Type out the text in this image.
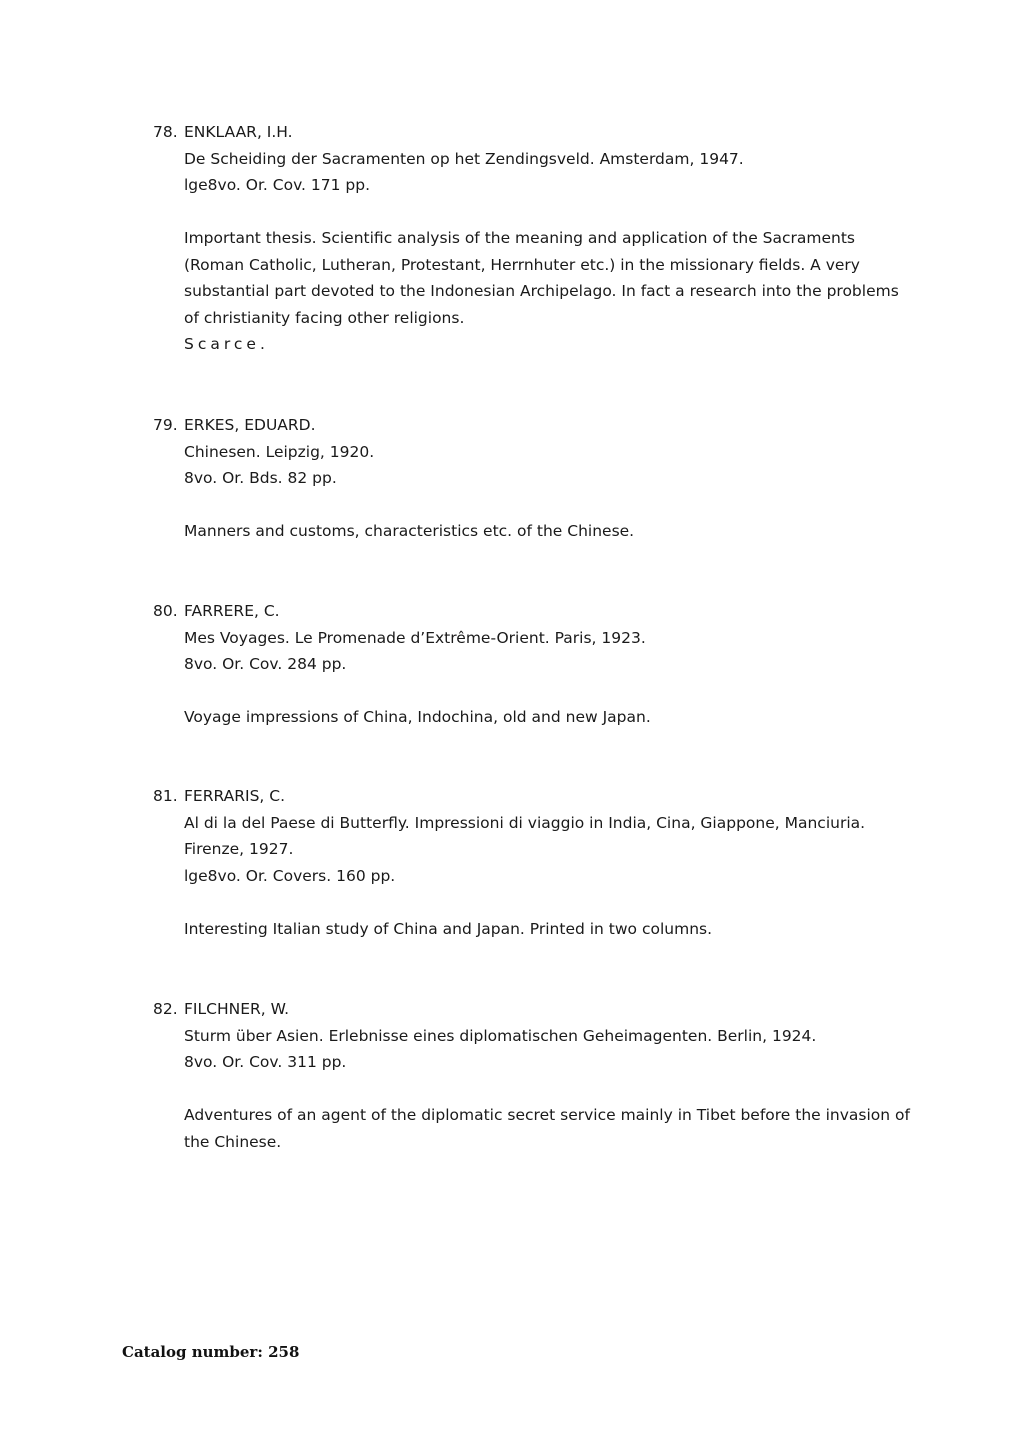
78. ENKLAAR, I.H.
De Scheiding der Sacramenten op het Zendingsveld. Amsterdam, 1947.
lge8vo. Or. Cov. 171 pp.
Important thesis. Scientific analysis of the meaning and application of the Sacraments (Roman Catholic, Lutheran, Protestant, Herrnhuter etc.) in the missionary fields. A very substantial part devoted to the Indonesian Archipelago. In fact a research into the problems of christianity facing other religions.
Scarce.
79. ERKES, EDUARD.
Chinesen. Leipzig, 1920.
8vo. Or. Bds. 82 pp.
Manners and customs, characteristics etc. of the Chinese.
80. FARRERE, C.
Mes Voyages. Le Promenade d’Extrême-Orient. Paris, 1923.
8vo. Or. Cov. 284 pp.
Voyage impressions of China, Indochina, old and new Japan.
81. FERRARIS, C.
Al di la del Paese di Butterfly. Impressioni di viaggio in India, Cina, Giappone, Manciuria.
Firenze, 1927.
lge8vo. Or. Covers. 160 pp.
Interesting Italian study of China and Japan. Printed in two columns.
82. FILCHNER, W.
Sturm über Asien. Erlebnisse eines diplomatischen Geheimagenten. Berlin, 1924.
8vo. Or. Cov. 311 pp.
Adventures of an agent of the diplomatic secret service mainly in Tibet before the invasion of the Chinese.
Catalog number: 258
